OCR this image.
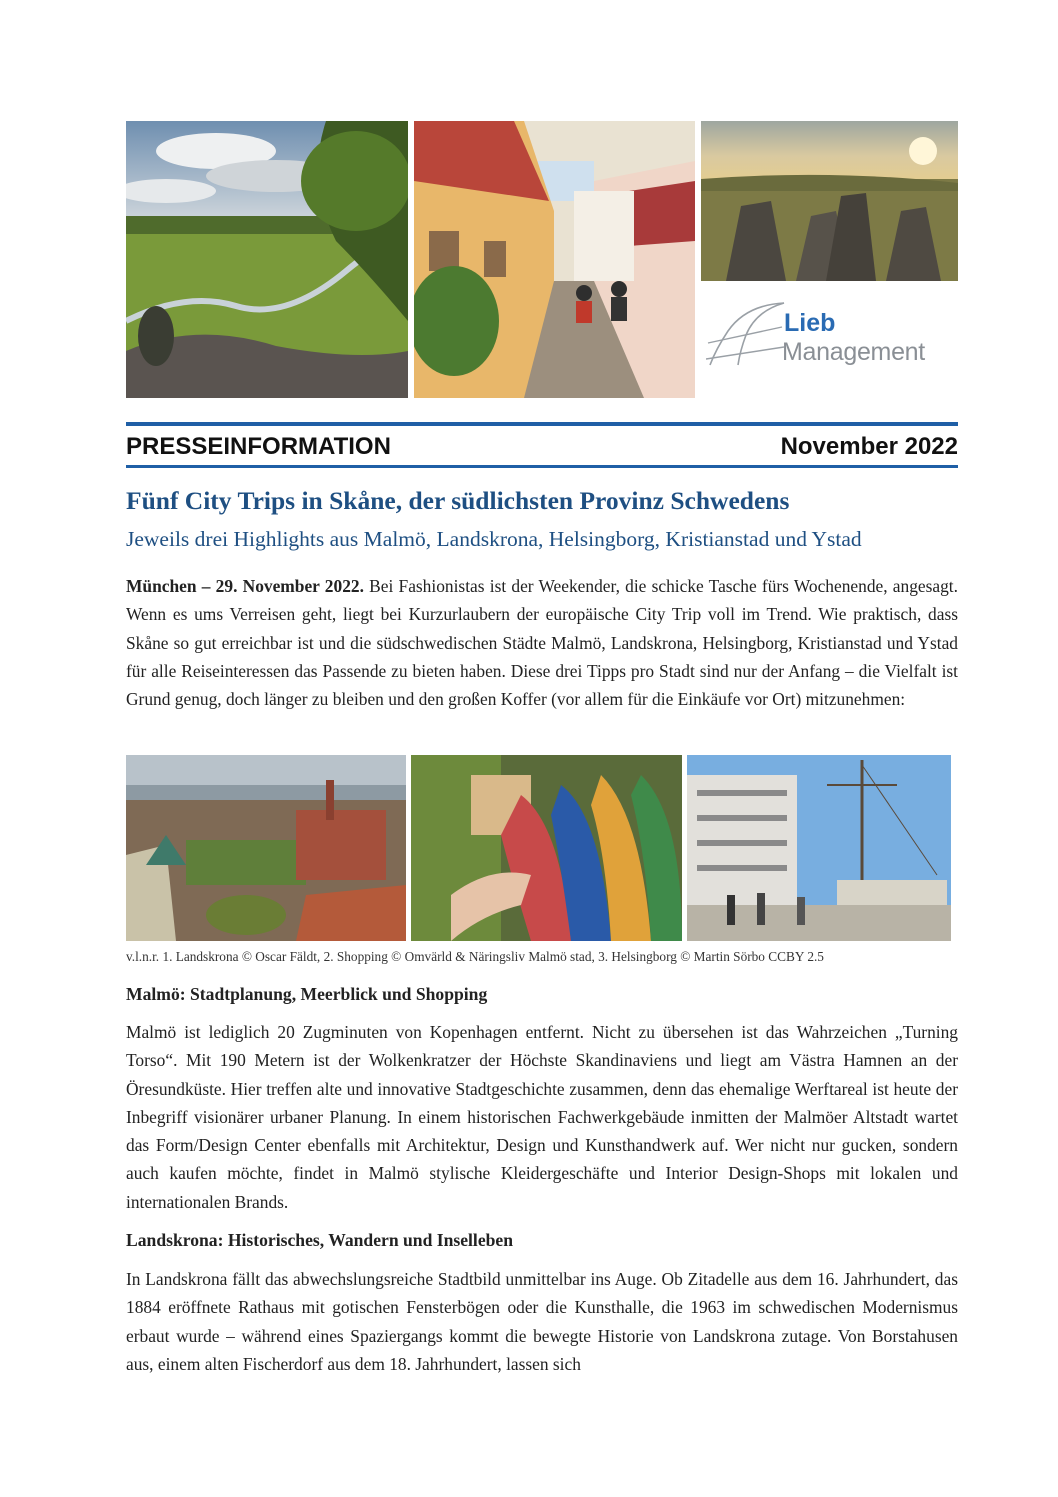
Lieb
Management
PRESSEINFORMATION	November 2022
Fünf City Trips in Skåne, der südlichsten Provinz Schwedens
Jeweils drei Highlights aus Malmö, Landskrona, Helsingborg, Kristianstad und Ystad
München – 29. November 2022. Bei Fashionistas ist der Weekender, die schicke Tasche fürs Wochenende, angesagt. Wenn es ums Verreisen geht, liegt bei Kurzurlaubern der europäische City Trip voll im Trend. Wie praktisch, dass Skåne so gut erreichbar ist und die südschwedischen Städte Malmö, Landskrona, Helsingborg, Kristianstad und Ystad für alle Reiseinteressen das Passende zu bieten haben. Diese drei Tipps pro Stadt sind nur der Anfang – die Vielfalt ist Grund genug, doch länger zu bleiben und den großen Koffer (vor allem für die Einkäufe vor Ort) mitzunehmen:
v.l.n.r. 1. Landskrona © Oscar Fäldt, 2. Shopping © Omvärld & Näringsliv Malmö stad, 3. Helsingborg © Martin Sörbo CCBY 2.5
Malmö: Stadtplanung, Meerblick und Shopping
Malmö ist lediglich 20 Zugminuten von Kopenhagen entfernt. Nicht zu übersehen ist das Wahrzeichen „Turning Torso“. Mit 190 Metern ist der Wolkenkratzer der Höchste Skandinaviens und liegt am Västra Hamnen an der Öresundküste. Hier treffen alte und innovative Stadtgeschichte zusammen, denn das ehemalige Werftareal ist heute der Inbegriff visionärer urbaner Planung. In einem historischen Fachwerkgebäude inmitten der Malmöer Altstadt wartet das Form/Design Center ebenfalls mit Architektur, Design und Kunsthandwerk auf. Wer nicht nur gucken, sondern auch kaufen möchte, findet in Malmö stylische Kleidergeschäfte und Interior Design-Shops mit lokalen und internationalen Brands.
Landskrona: Historisches, Wandern und Inselleben
In Landskrona fällt das abwechslungsreiche Stadtbild unmittelbar ins Auge. Ob Zitadelle aus dem 16. Jahrhundert, das 1884 eröffnete Rathaus mit gotischen Fensterbögen oder die Kunsthalle, die 1963 im schwedischen Modernismus erbaut wurde – während eines Spaziergangs kommt die bewegte Historie von Landskrona zutage. Von Borstahusen aus, einem alten Fischerdorf aus dem 18. Jahrhundert, lassen sich
